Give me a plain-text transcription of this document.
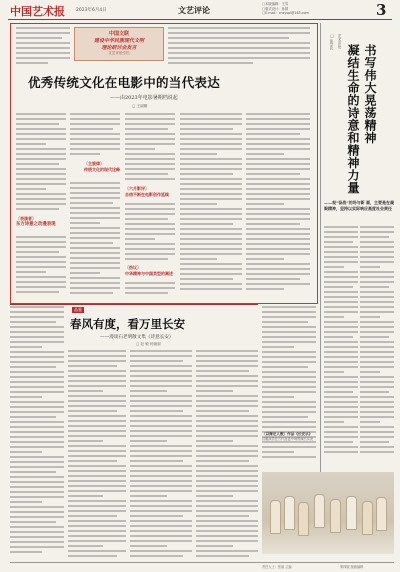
中国艺术报 2023年6月4日	文艺评论
□本版编辑：王雪
□版式设计：孙婧
□E-mail：cnsyspl@163.com	3
中国文联
建设中华民族现代文明
理论研讨会发言
文艺评论专栏
优秀传统文化在电影中的当代表达
——由2023年电影暑期档说起
□ 王丽娜
〔表演者〕
东方诗意之动漫表现
〔主旋律〕
传统文化的现代诠释
〔六月影评〕
自信不断在电影创作延续
〔热议〕
中华精神与中国类型的阐述
□ 张学民 艺术评论
书写伟大晃荡精神
凝结生命的诗意和精神力量
——观“奋战”的场与新 画，主要是在凝聚精神，坚持以实际响应高度社会责任
品鉴
春风有度，看万里长安
——漫谈石老明散文集《诗意长安》
□ 赵 敏 杨琼丽
〔以舞定人数〕作品《长安乐》
汉服演员在古代宫廷中场景演出实况
责任人士：张丽 主编	第四版 版面编辑
